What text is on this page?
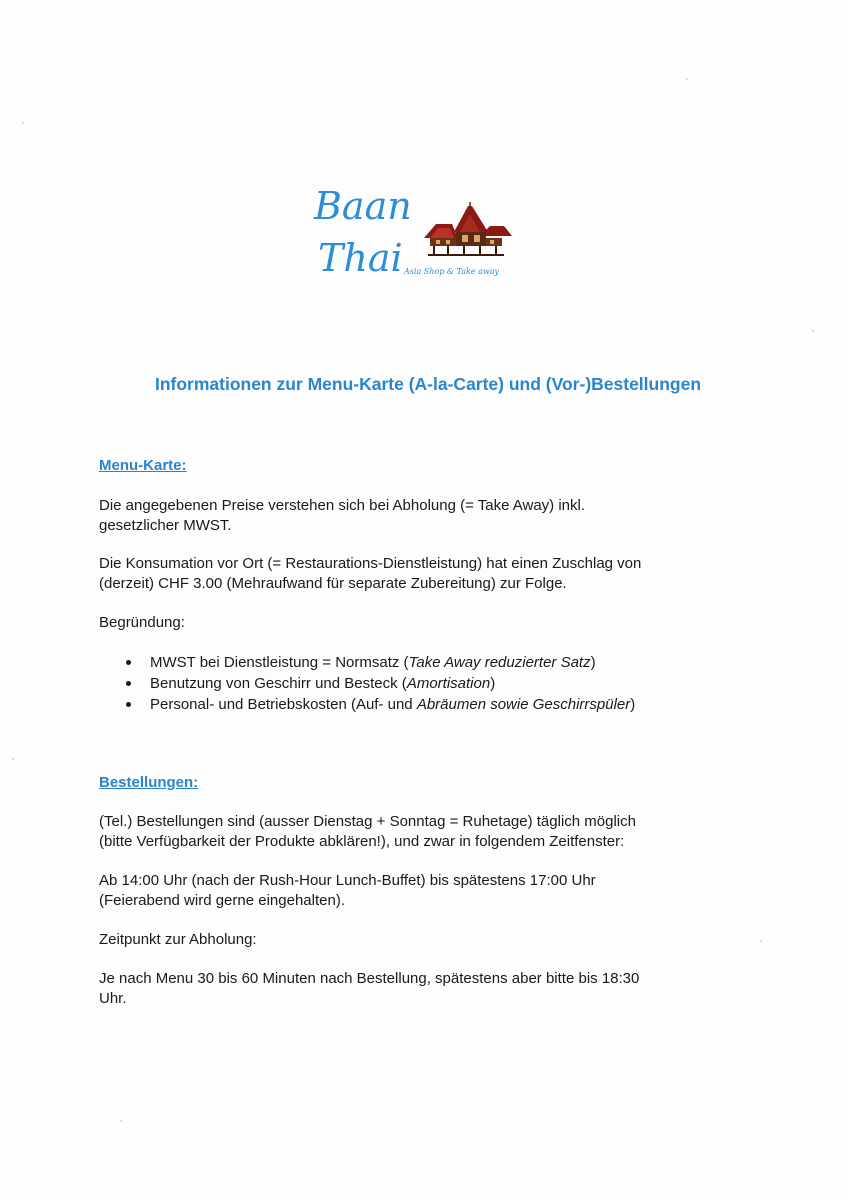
Baan
Thai Asia Shop & Take away
Informationen zur Menu-Karte (A-la-Carte) und (Vor-)Bestellungen
Menu-Karte:
Die angegebenen Preise verstehen sich bei Abholung (= Take Away) inkl.
gesetzlicher MWST.
Die Konsumation vor Ort (= Restaurations-Dienstleistung) hat einen Zuschlag von
(derzeit) CHF 3.00 (Mehraufwand für separate Zubereitung) zur Folge.
Begründung:
MWST bei Dienstleistung = Normsatz (Take Away reduzierter Satz)
Benutzung von Geschirr und Besteck (Amortisation)
Personal- und Betriebskosten (Auf- und Abräumen sowie Geschirrspüler)
Bestellungen:
(Tel.) Bestellungen sind (ausser Dienstag + Sonntag = Ruhetage) täglich möglich
(bitte Verfügbarkeit der Produkte abklären!), und zwar in folgendem Zeitfenster:
Ab 14:00 Uhr (nach der Rush-Hour Lunch-Buffet) bis spätestens 17:00 Uhr
(Feierabend wird gerne eingehalten).
Zeitpunkt zur Abholung:
Je nach Menu 30 bis 60 Minuten nach Bestellung, spätestens aber bitte bis 18:30
Uhr.
